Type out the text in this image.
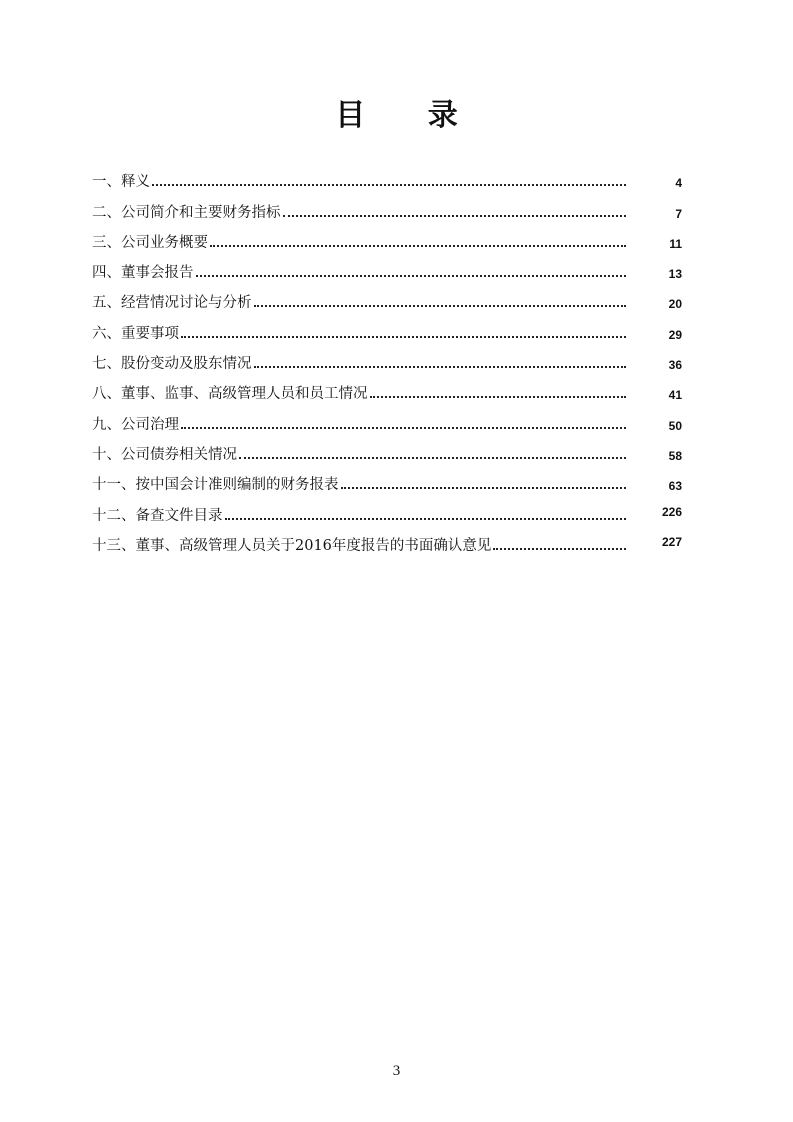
目 录
一、释义	4
二、公司简介和主要财务指标	7
三、公司业务概要	11
四、董事会报告	13
五、经营情况讨论与分析	20
六、重要事项	29
七、股份变动及股东情况	36
八、董事、监事、高级管理人员和员工情况	41
九、公司治理	50
十、公司债券相关情况	58
十一、按中国会计准则编制的财务报表	63
十二、备查文件目录	226
十三、董事、高级管理人员关于2016年度报告的书面确认意见	227
3
